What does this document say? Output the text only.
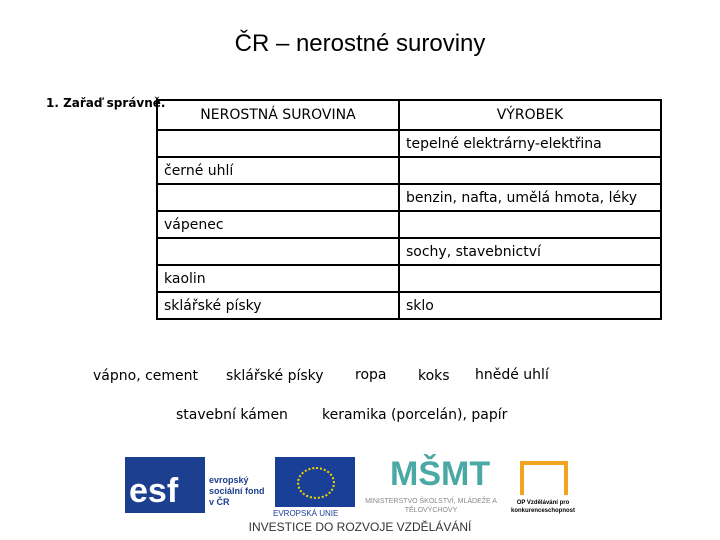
ČR – nerostné suroviny
1. Zařaď správně.
NEROSTNÁ SUROVINA	VÝROBEK
	tepelné elektrárny-elektřina
černé uhlí	
	benzin, nafta, umělá hmota, léky
vápenec	
	sochy, stavebnictví
kaolin	
sklářské písky	sklo
vápno, cement sklářské písky ropa koks hnědé uhlí
stavební kámen keramika (porcelán), papír
esf	evropský sociální fond v ČR
EVROPSKÁ UNIE
MŠMT
MINISTERSTVO ŠKOLSTVÍ, MLÁDEŽE A TĚLOVÝCHOVY
OP Vzdělávání pro konkurenceschopnost
INVESTICE DO ROZVOJE VZDĚLÁVÁNÍ
